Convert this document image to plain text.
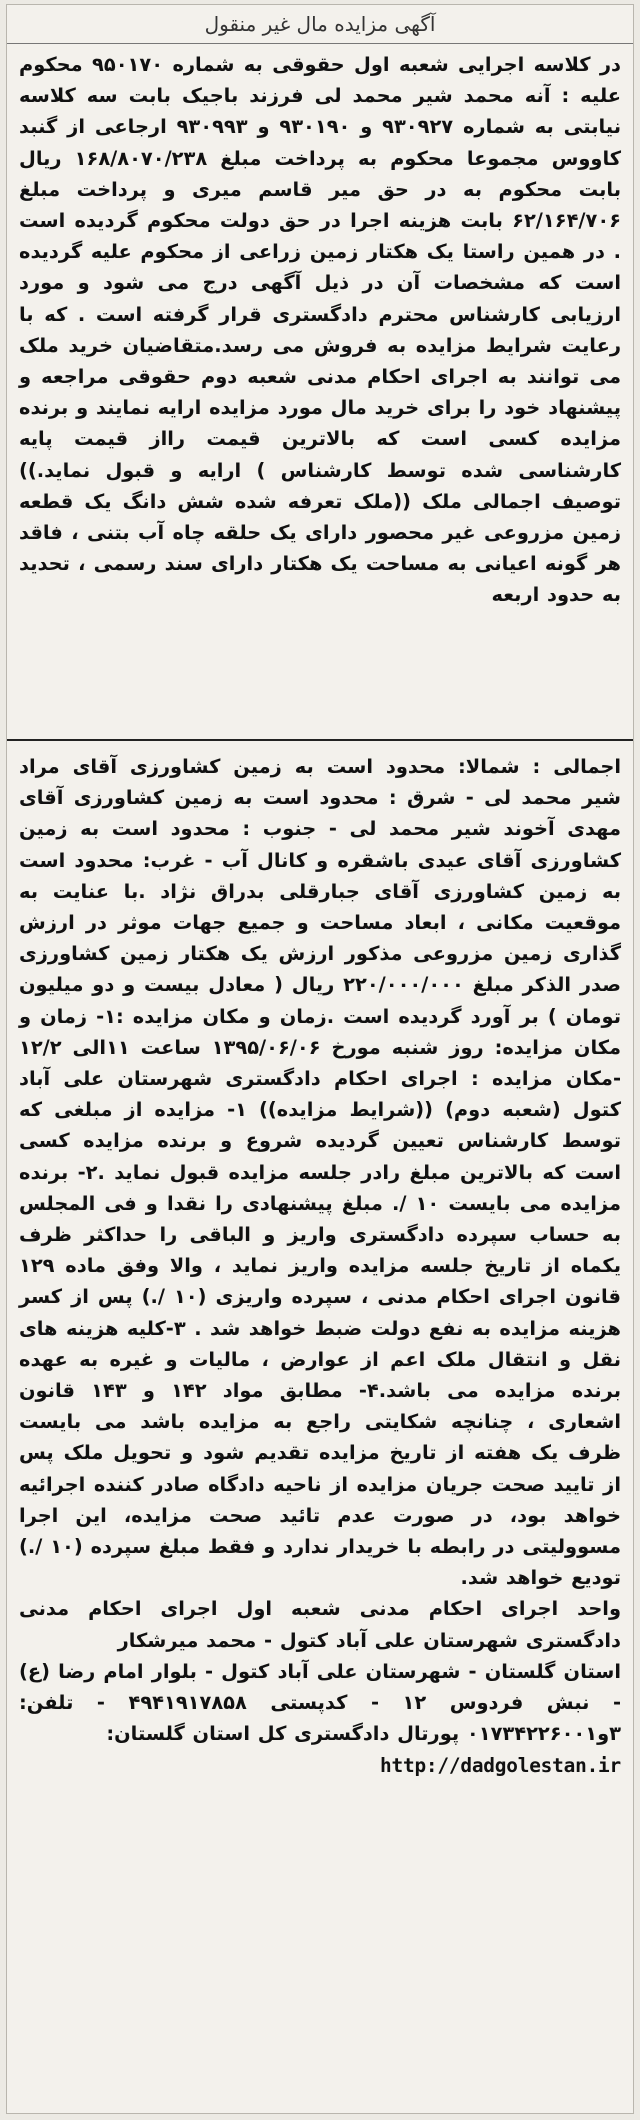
آگهی مزایده مال غیر منقول

در کلاسه اجرایی شعبه اول حقوقی به شماره ۹۵۰۱۷۰ محکوم علیه : آنه محمد شیر محمد لی فرزند باجیک بابت سه کلاسه نیابتی به شماره ۹۳۰۹۲۷ و ۹۳۰۱۹۰ و ۹۳۰۹۹۳ ارجاعی از گنبد کاووس مجموعا محکوم به پرداخت مبلغ ۱۶۸/۸۰۷۰/۲۳۸ ریال بابت محکوم به در حق میر قاسم میری و پرداخت مبلغ ۶۲/۱۶۴/۷۰۶ بابت هزینه اجرا در حق دولت محکوم گردیده است . در همین راستا یک هکتار زمین زراعی از محکوم علیه گردیده است که مشخصات آن در ذیل آگهی درج می شود و مورد ارزیابی کارشناس محترم دادگستری قرار گرفته است . که با رعایت شرایط مزایده به فروش می رسد.متقاضیان خرید ملک می توانند به اجرای احکام مدنی شعبه دوم حقوقی مراجعه و پیشنهاد خود را برای خرید مال مورد مزایده ارایه نمایند و برنده مزایده کسی است که بالاترین قیمت رااز قیمت پایه کارشناسی شده توسط کارشناس ) ارایه و قبول نماید.)) توصیف اجمالی ملک ((ملک تعرفه شده شش دانگ یک قطعه زمین مزروعی غیر محصور دارای یک حلقه چاه آب بتنی ، فاقد هر گونه اعیانی به مساحت یک هکتار دارای سند رسمی ، تحدید به حدود اربعه

اجمالی : شمالا: محدود است به زمین کشاورزی آقای مراد شیر محمد لی - شرق : محدود است به زمین کشاورزی آقای مهدی آخوند شیر محمد لی - جنوب : محدود است به زمین کشاورزی آقای عیدی باشقره و کانال آب - غرب: محدود است به زمین کشاورزی آقای جبارقلی بدراق نژاد .با عنایت به موقعیت مکانی ، ابعاد مساحت و جمیع جهات موثر در ارزش گذاری زمین مزروعی مذکور ارزش یک هکتار زمین کشاورزی صدر الذکر مبلغ ۲۲۰/۰۰۰/۰۰۰ ریال ( معادل بیست و دو میلیون تومان ) بر آورد گردیده است .زمان و مکان مزایده :۱- زمان و مکان مزایده: روز شنبه مورخ ۱۳۹۵/۰۶/۰۶ ساعت ۱۱الی ۱۲/۲ -مکان مزایده : اجرای احکام دادگستری شهرستان علی آباد کتول (شعبه دوم) ((شرایط مزایده)) ۱- مزایده از مبلغی که توسط کارشناس تعیین گردیده شروع و برنده مزایده کسی است که بالاترین مبلغ رادر جلسه مزایده قبول نماید .۲- برنده مزایده می بایست ۱۰ /. مبلغ پیشنهادی را نقدا و فی المجلس به حساب سپرده دادگستری واریز و الباقی را حداکثر ظرف یکماه از تاریخ جلسه مزایده واریز نماید ، والا وفق ماده ۱۲۹ قانون اجرای احکام مدنی ، سپرده واریزی (۱۰ /.) پس از کسر هزینه مزایده به نفع دولت ضبط خواهد شد . ۳-کلیه هزینه های نقل و انتقال ملک اعم از عوارض ، مالیات و غیره به عهده برنده مزایده می باشد.۴- مطابق مواد ۱۴۲ و ۱۴۳ قانون اشعاری ، چنانچه شکایتی راجع به مزایده باشد می بایست ظرف یک هفته از تاریخ مزایده تقدیم شود و تحویل ملک پس از تایید صحت جریان مزایده از ناحیه دادگاه صادر کننده اجرائیه خواهد بود، در صورت عدم تائید صحت مزایده، این اجرا مسوولیتی در رابطه با خریدار ندارد و فقط مبلغ سپرده (۱۰ /.) تودیع خواهد شد.

واحد اجرای احکام مدنی شعبه اول اجرای احکام مدنی دادگستری شهرستان علی آباد کتول - محمد میرشکار

استان گلستان - شهرستان علی آباد کتول - بلوار امام رضا (ع) - نبش فردوس ۱۲ - کدپستی ۴۹۴۱۹۱۷۸۵۸ - تلفن: ۳و۰۱۷۳۴۲۲۶۰۰۱ پورتال دادگستری کل استان گلستان:
http://dadgolestan.ir
